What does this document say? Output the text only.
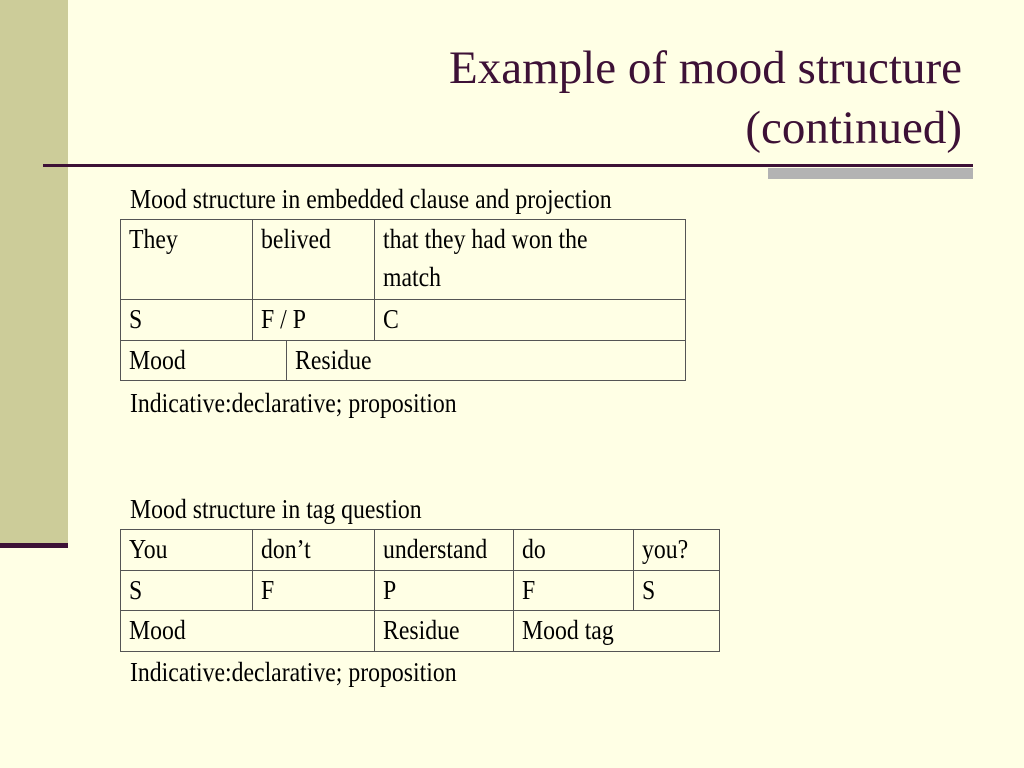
Example of mood structure
(continued)
Mood structure in embedded clause and projection
They	belived	that they had won the
match
S	F / P	C
Mood	Residue
Indicative:declarative; proposition
Mood structure in tag question
You	don’t	understand	do	you?
S	F	P	F	S
Mood	Residue	Mood tag
Indicative:declarative; proposition
